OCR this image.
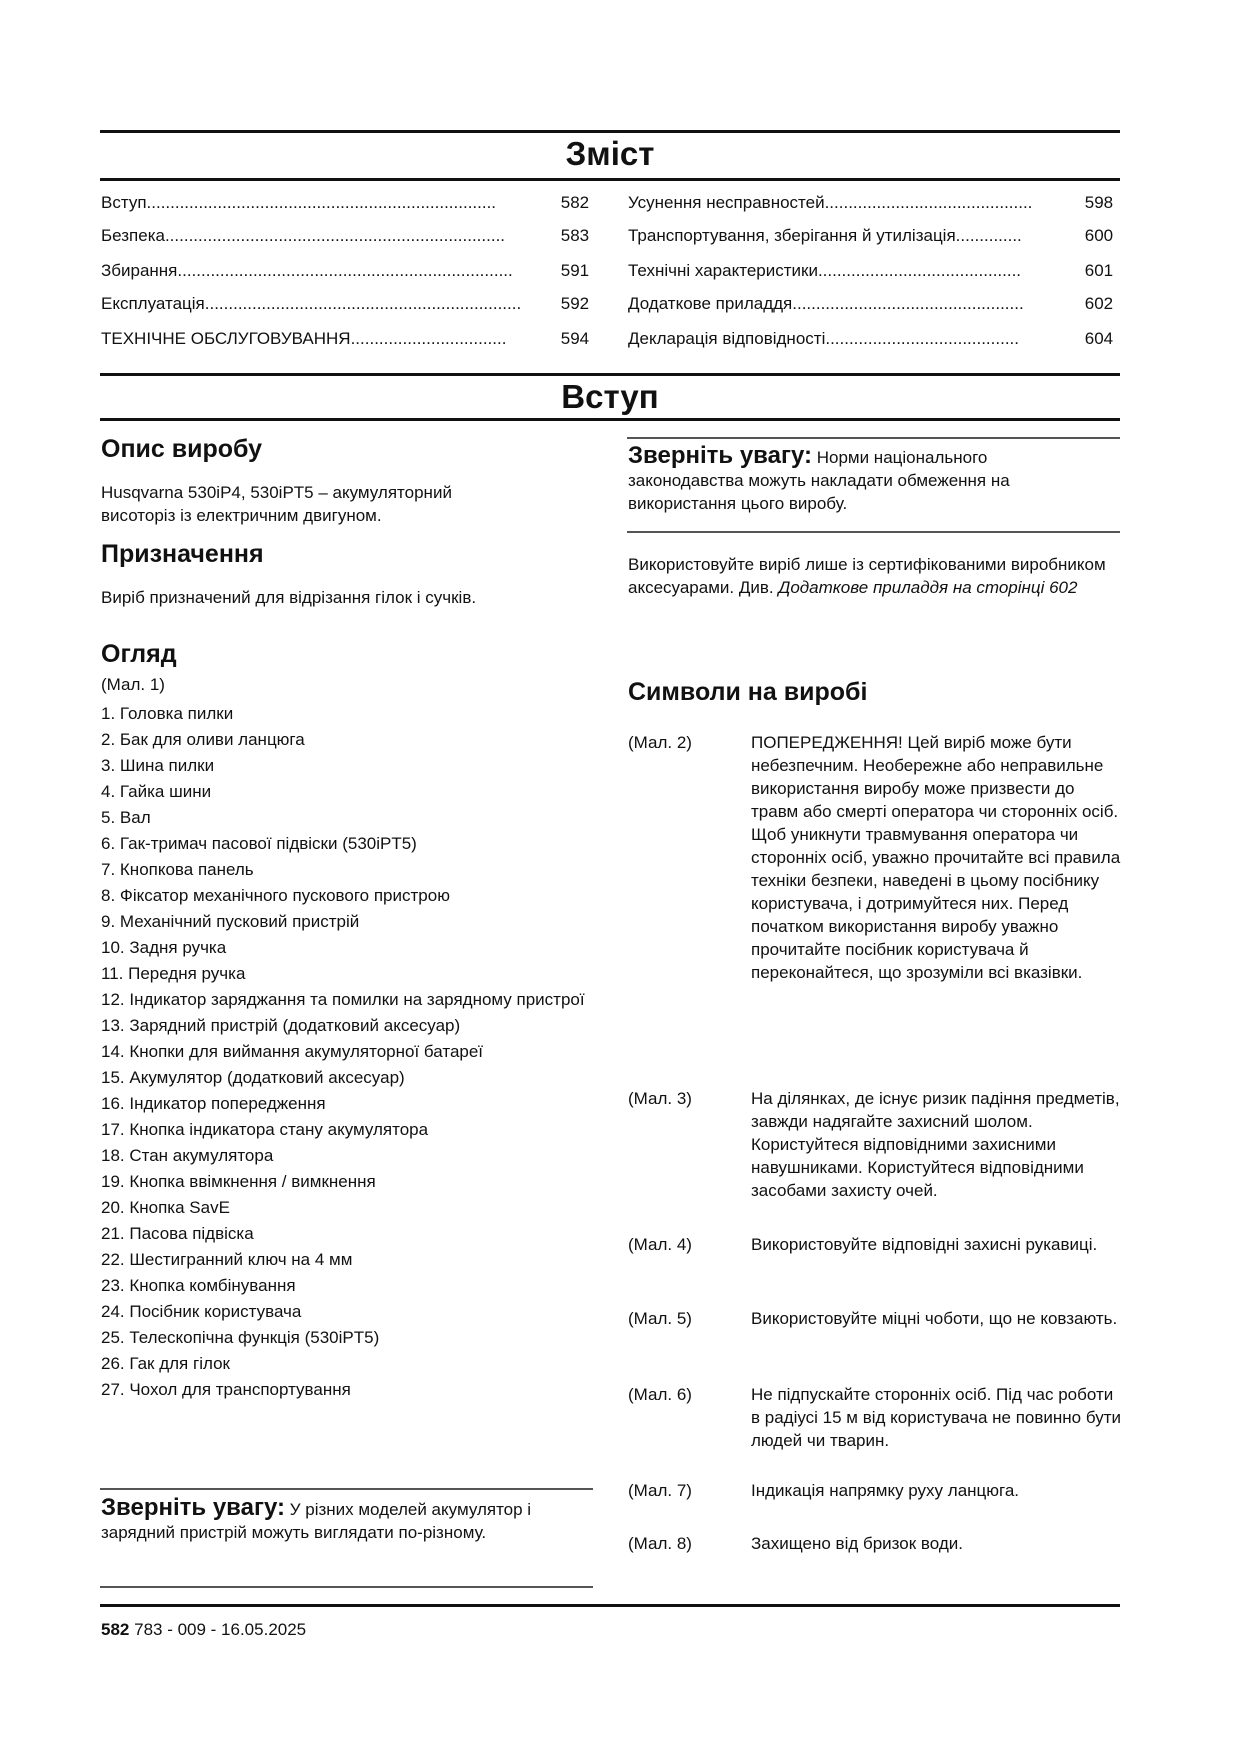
Зміст
Вступ..........................................................................	582
Безпека........................................................................	583
Збирання.......................................................................	591
Експлуатація................................................................... 592
ТЕХНІЧНЕ ОБСЛУГОВУВАННЯ.................................	594
Усунення несправностей............................................	598
Транспортування, зберігання й утилізація..............	600
Технічні характеристики...........................................	601
Додаткове приладдя.................................................	602
Декларація відповідності.........................................	604
Вступ
Опис виробу
Husqvarna 530iP4, 530iPT5 – акумуляторний висоторіз із електричним двигуном.
Призначення
Виріб призначений для відрізання гілок і сучків.
Огляд
(Мал. 1)
1. Головка пилки
2. Бак для оливи ланцюга
3. Шина пилки
4. Гайка шини
5. Вал
6. Гак-тримач пасової підвіски (530iPT5)
7. Кнопкова панель
8. Фіксатор механічного пускового пристрою
9. Механічний пусковий пристрій
10. Задня ручка
11. Передня ручка
12. Індикатор заряджання та помилки на зарядному пристрої
13. Зарядний пристрій (додатковий аксесуар)
14. Кнопки для виймання акумуляторної батареї
15. Акумулятор (додатковий аксесуар)
16. Індикатор попередження
17. Кнопка індикатора стану акумулятора
18. Стан акумулятора
19. Кнопка ввімкнення / вимкнення
20. Кнопка SavE
21. Пасова підвіска
22. Шестигранний ключ на 4 мм
23. Кнопка комбінування
24. Посібник користувача
25. Телескопічна функція (530iPT5)
26. Гак для гілок
27. Чохол для транспортування
Зверніть увагу: У різних моделей акумулятор і зарядний пристрій можуть виглядати по-різному.
Зверніть увагу: Норми національного законодавства можуть накладати обмеження на використання цього виробу.
Використовуйте виріб лише із сертифікованими виробником аксесуарами. Див. Додаткове приладдя на сторінці 602
Символи на виробі
(Мал. 2)	ПОПЕРЕДЖЕННЯ! Цей виріб може бути небезпечним. Необережне або неправильне використання виробу може призвести до травм або смерті оператора чи сторонніх осіб. Щоб уникнути травмування оператора чи сторонніх осіб, уважно прочитайте всі правила техніки безпеки, наведені в цьому посібнику користувача, і дотримуйтеся них. Перед початком використання виробу уважно прочитайте посібник користувача й переконайтеся, що зрозуміли всі вказівки.
(Мал. 3)	На ділянках, де існує ризик падіння предметів, завжди надягайте захисний шолом. Користуйтеся відповідними захисними навушниками. Користуйтеся відповідними засобами захисту очей.
(Мал. 4)	Використовуйте відповідні захисні рукавиці.
(Мал. 5)	Використовуйте міцні чоботи, що не ковзають.
(Мал. 6)	Не підпускайте сторонніх осіб. Під час роботи в радіусі 15 м від користувача не повинно бути людей чи тварин.
(Мал. 7)	Індикація напрямку руху ланцюга.
(Мал. 8)	Захищено від бризок води.
582 783 - 009 - 16.05.2025
